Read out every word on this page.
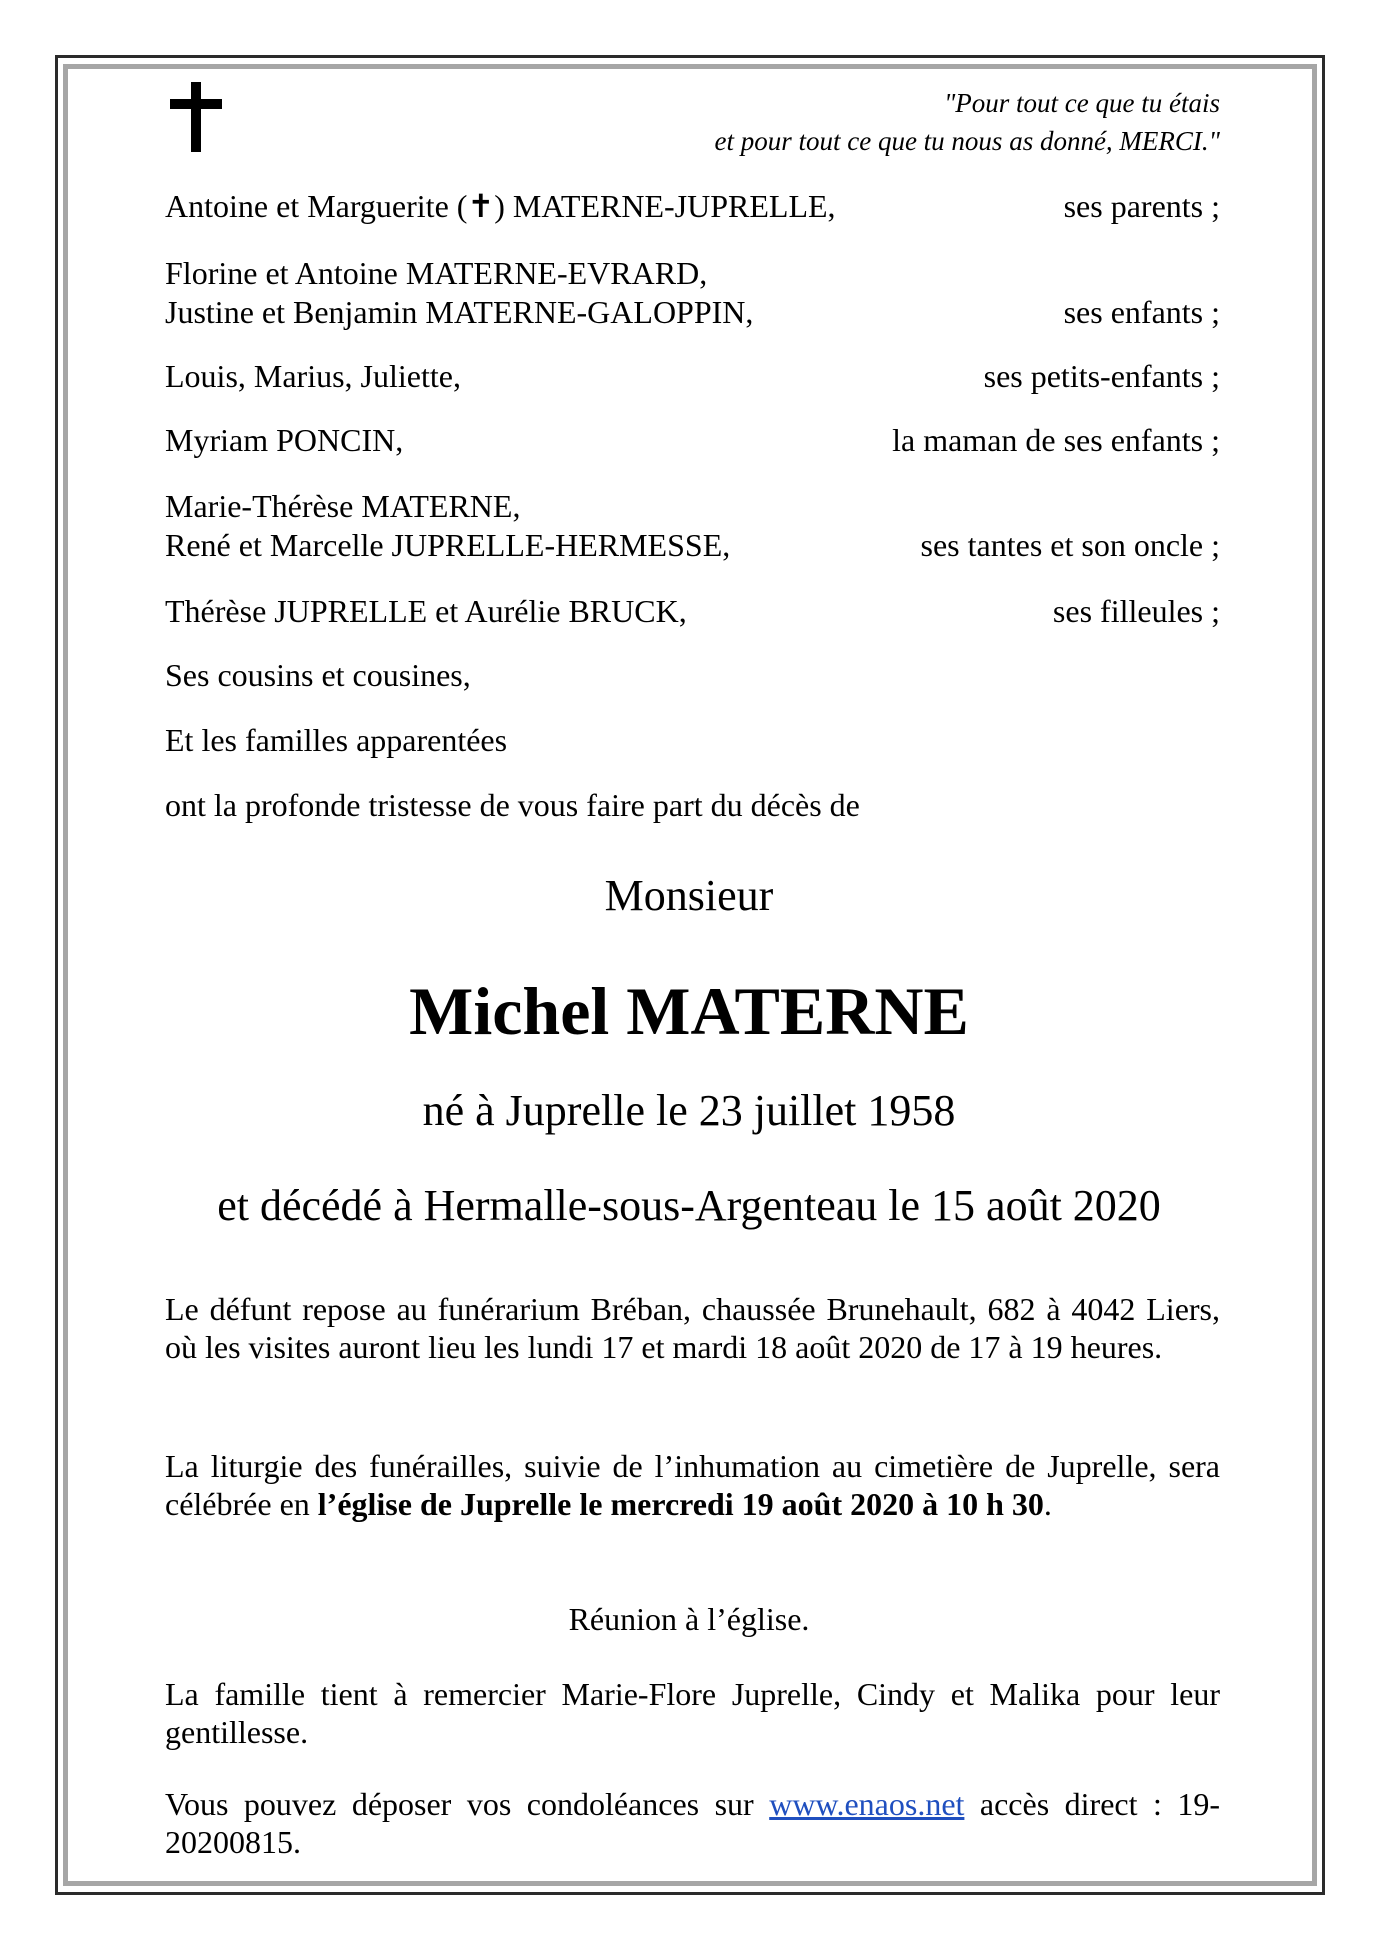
"Pour tout ce que tu étais
et pour tout ce que tu nous as donné, MERCI."
Antoine et Marguerite (✝) MATERNE-JUPRELLE,	ses parents ;
Florine et Antoine MATERNE-EVRARD,
Justine et Benjamin MATERNE-GALOPPIN,	ses enfants ;
Louis, Marius, Juliette,	ses petits-enfants ;
Myriam PONCIN,	la maman de ses enfants ;
Marie-Thérèse MATERNE,
René et Marcelle JUPRELLE-HERMESSE,	ses tantes et son oncle ;
Thérèse JUPRELLE et Aurélie BRUCK,	ses filleules ;
Ses cousins et cousines,
Et les familles apparentées
ont la profonde tristesse de vous faire part du décès de
Monsieur
Michel MATERNE
né à Juprelle le 23 juillet 1958
et décédé à Hermalle-sous-Argenteau le 15 août 2020
Le défunt repose au funérarium Bréban, chaussée Brunehault, 682 à 4042 Liers, où les visites auront lieu les lundi 17 et mardi 18 août 2020 de 17 à 19 heures.
La liturgie des funérailles, suivie de l’inhumation au cimetière de Juprelle, sera célébrée en l’église de Juprelle le mercredi 19 août 2020 à 10 h 30.
Réunion à l’église.
La famille tient à remercier Marie-Flore Juprelle, Cindy et Malika pour leur gentillesse.
Vous pouvez déposer vos condoléances sur www.enaos.net accès direct : 19-20200815.
